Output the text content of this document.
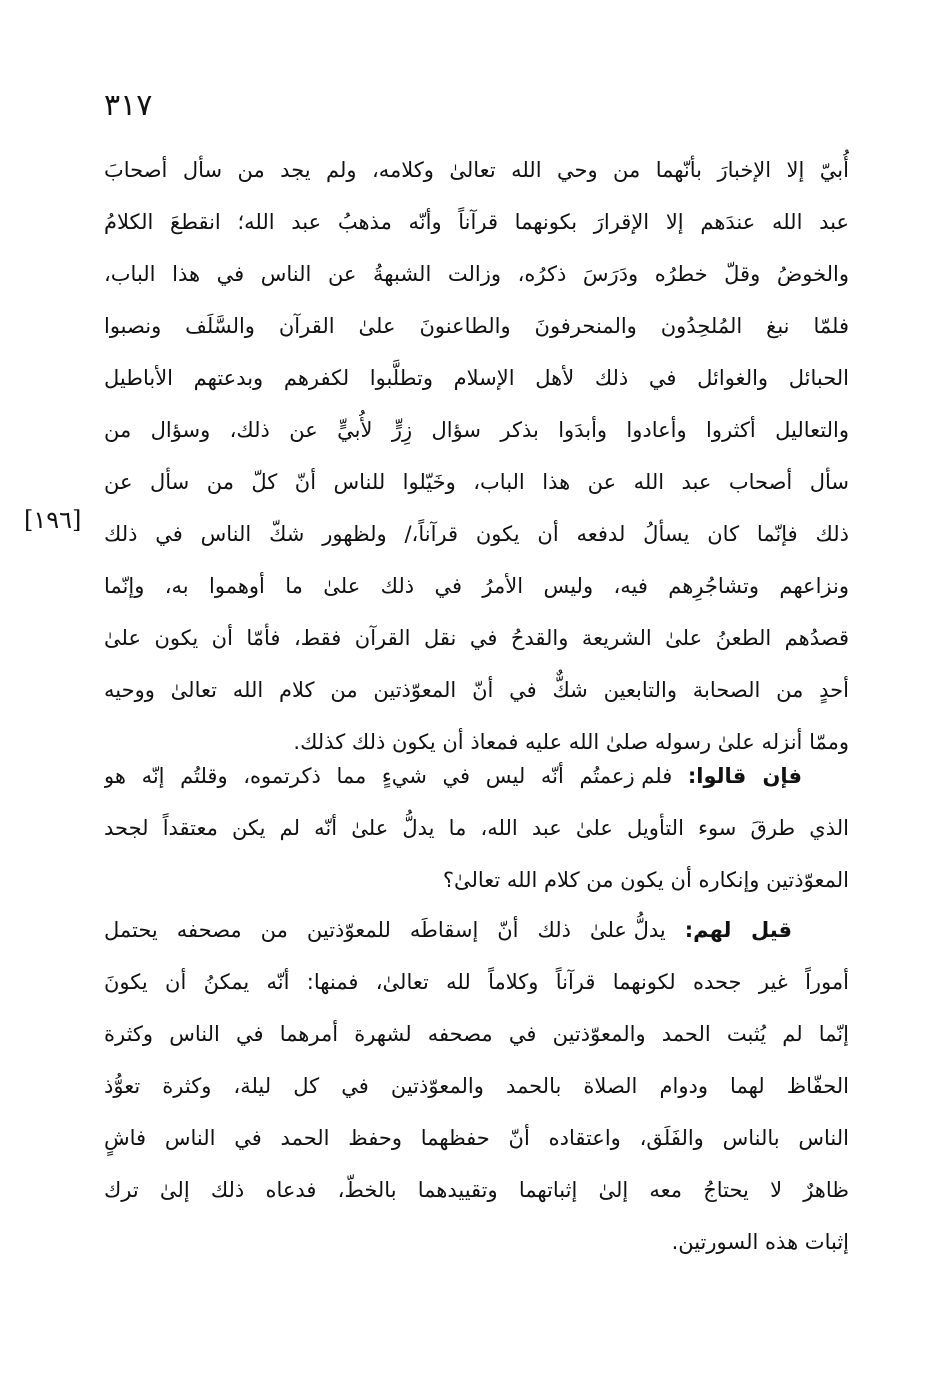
٣١٧
[١٩٦]
أُبيّ إلا الإخبارَ بأنّهما من وحي الله تعالىٰ وكلامه، ولم يجد من سأل أصحابَ
عبد الله عندَهم إلا الإقرارَ بكونهما قرآناً وأنّه مذهبُ عبد الله؛ انقطعَ الكلامُ
والخوضُ وقلّ خطرُه ودَرَسَ ذكرُه، وزالت الشبهةُ عن الناس في هذا الباب،
فلمّا نبغ المُلحِدُون والمنحرفونَ والطاعنونَ علىٰ القرآن والسَّلَف ونصبوا
الحبائل والغوائل في ذلك لأهل الإسلام وتطلَّبوا لكفرهم وبدعتهم الأباطيل
والتعاليل أكثروا وأعادوا وأبدَوا بذكر سؤال زِرٍّ لأُبيٍّ عن ذلك، وسؤال من
سأل أصحاب عبد الله عن هذا الباب، وخَيّلوا للناس أنّ كلّ من سأل عن
ذلك فإنّما كان يسألُ لدفعه أن يكون قرآناً،/ ولظهور شكّ الناس في ذلك
ونزاعهم وتشاجُرِهم فيه، وليس الأمرُ في ذلك علىٰ ما أوهموا به، وإنّما
قصدُهم الطعنُ علىٰ الشريعة والقدحُ في نقل القرآن فقط، فأمّا أن يكون علىٰ
أحدٍ من الصحابة والتابعين شكٌّ في أنّ المعوّذتين من كلام الله تعالىٰ ووحيه
وممّا أنزله علىٰ رسوله صلىٰ الله عليه فمعاذ أن يكون ذلك كذلك.
​   فإن قالوا: فلم زعمتُم أنّه ليس في شيءٍ مما ذكرتموه، وقلتُم إنّه هو
الذي طرقَ سوء التأويل علىٰ عبد الله، ما يدلُّ علىٰ أنّه لم يكن معتقداً لجحد
المعوّذتين وإنكاره أن يكون من كلام الله تعالىٰ؟
​   قيل لهم: يدلُّ علىٰ ذلك أنّ إسقاطَه للمعوّذتين من مصحفه يحتمل
أموراً غير جحده لكونهما قرآناً وكلاماً لله تعالىٰ، فمنها: أنّه يمكنُ أن يكونَ
إنّما لم يُثبت الحمد والمعوّذتين في مصحفه لشهرة أمرهما في الناس وكثرة
الحفّاظ لهما ودوام الصلاة بالحمد والمعوّذتين في كل ليلة، وكثرة تعوُّذ
الناس بالناس والفَلَق، واعتقاده أنّ حفظهما وحفظ الحمد في الناس فاشٍ
ظاهرٌ لا يحتاجُ معه إلىٰ إثباتهما وتقييدهما بالخطّ، فدعاه ذلك إلىٰ ترك
إثبات هذه السورتين.
